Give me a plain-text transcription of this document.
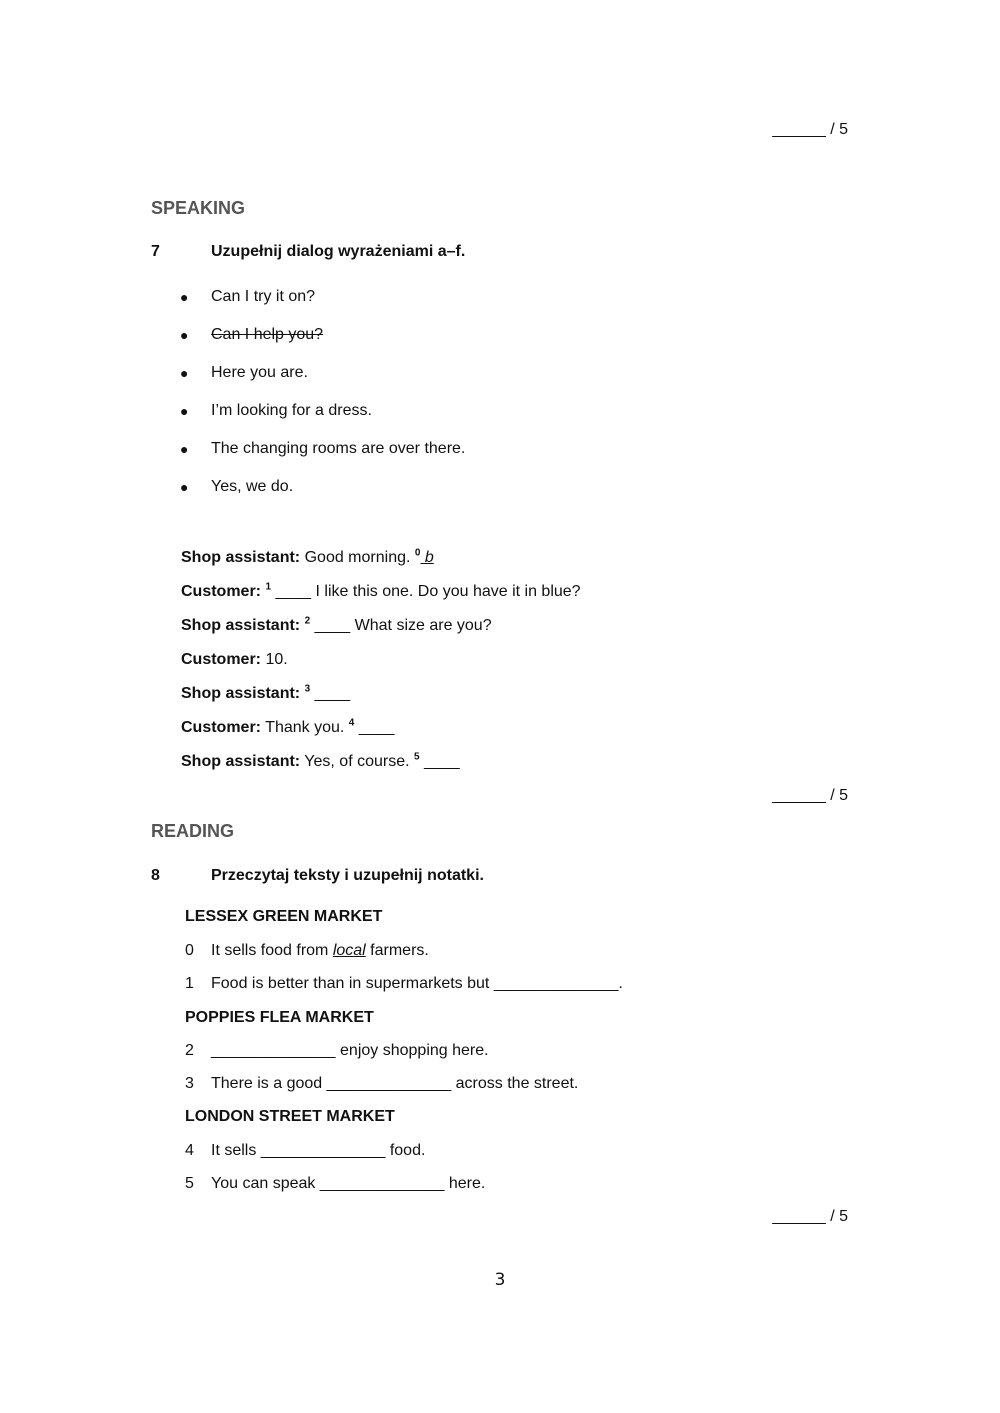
______ / 5
SPEAKING
7	Uzupełnij dialog wyrażeniami a–f.
● Can I try it on?
● Can I help you?
● Here you are.
● I’m looking for a dress.
● The changing rooms are over there.
● Yes, we do.
Shop assistant: Good morning. $^0$ b
Customer: $^1$ ____ I like this one. Do you have it in blue?
Shop assistant: $^2$ ____ What size are you?
Customer: 10.
Shop assistant: $^3$ ____
Customer: Thank you. $^4$ ____
Shop assistant: Yes, of course. $^5$ ____
______ / 5
READING
8	Przeczytaj teksty i uzupełnij notatki.
LESSEX GREEN MARKET
0 It sells food from local farmers.
1 Food is better than in supermarkets but ______________.
POPPIES FLEA MARKET
2 ______________ enjoy shopping here.
3 There is a good ______________ across the street.
LONDON STREET MARKET
4 It sells ______________ food.
5 You can speak ______________ here.
______ / 5
3
